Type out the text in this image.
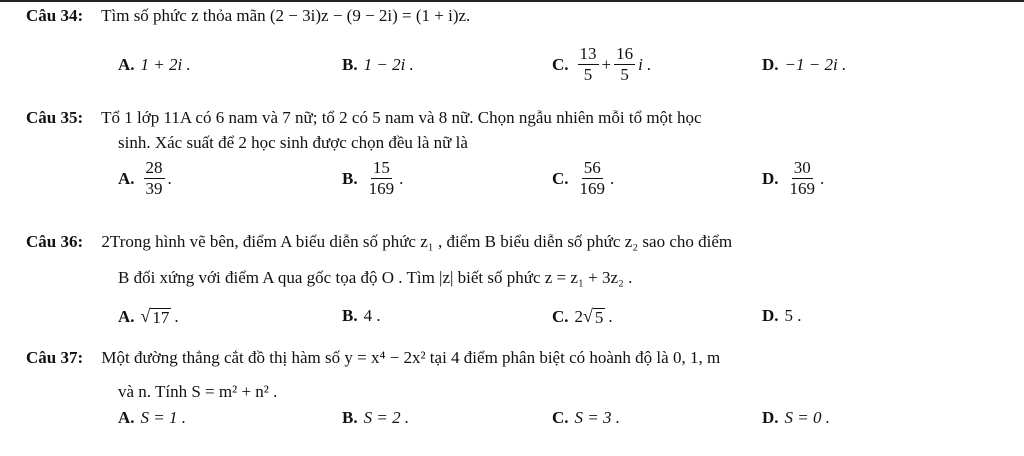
Câu 34: Tìm số phức z thỏa mãn (2 − 3i)z − (9 − 2i) = (1 + i)z.
A. 1 + 2i .	B. 1 − 2i .	C. $\frac{13}{5} + \frac{16}{5}$ i .	D. −1 − 2i .
Câu 35: Tổ 1 lớp 11A có 6 nam và 7 nữ; tổ 2 có 5 nam và 8 nữ. Chọn ngẫu nhiên mỗi tổ một học
sinh. Xác suất để 2 học sinh được chọn đều là nữ là
A. $\frac{28}{39}$ .	B. $\frac{15}{169}$ .	C. $\frac{56}{169}$ .	D. $\frac{30}{169}$ .
Câu 36: 2Trong hình vẽ bên, điểm A biểu diễn số phức z₁ , điểm B biểu diễn số phức z₂ sao cho điểm
B đối xứng với điểm A qua gốc tọa độ O . Tìm |z| biết số phức z = z₁ + 3z₂ .
A. √ 17 .	B. 4 .	C. 2 √ 5 .	D. 5 .
Câu 37: Một đường thẳng cắt đồ thị hàm số y = x⁴ − 2x² tại 4 điểm phân biệt có hoành độ là 0, 1, m
và n. Tính S = m² + n² .
A. S = 1 .	B. S = 2 .	C. S = 3 .	D. S = 0 .
